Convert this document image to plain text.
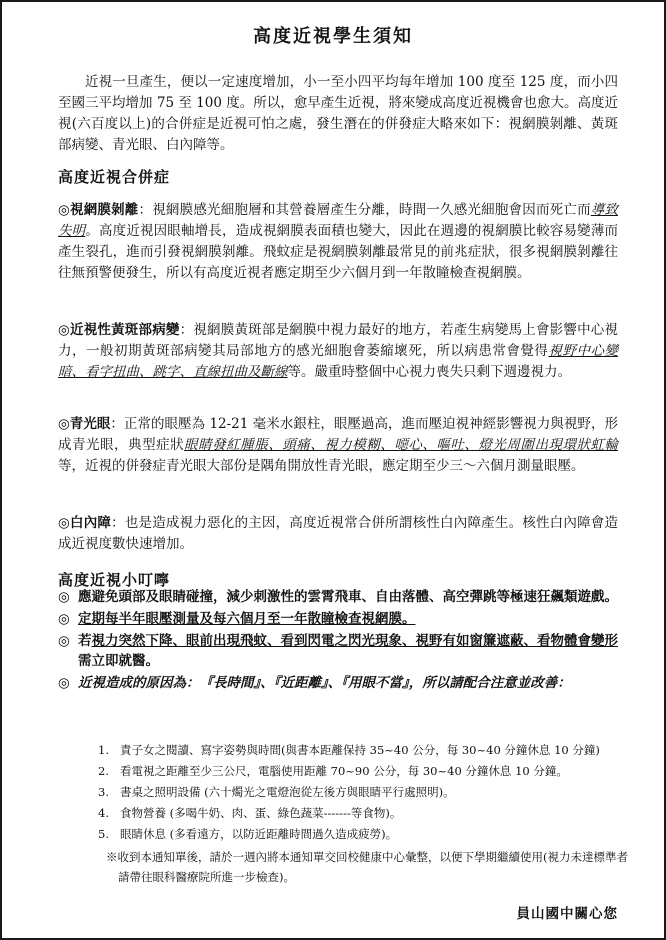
高度近視學生須知

近視一旦產生，便以一定速度增加，小一至小四平均每年增加 100 度至 125 度，而小四至國三平均增加 75 至 100 度。所以，愈早產生近視，將來變成高度近視機會也愈大。高度近視(六百度以上)的合併症是近視可怕之處，發生潛在的併發症大略來如下：視網膜剝離、黃斑部病變、青光眼、白內障等。

高度近視合併症

◎視網膜剝離：視網膜感光細胞層和其營養層產生分離，時間一久感光細胞會因而死亡而導致失明。高度近視因眼軸增長，造成視網膜表面積也變大，因此在週邊的視網膜比較容易變薄而產生裂孔，進而引發視網膜剝離。飛蚊症是視網膜剝離最常見的前兆症狀，很多視網膜剝離往往無預警便發生，所以有高度近視者應定期至少六個月到一年散瞳檢查視網膜。

◎近視性黃斑部病變：視網膜黃斑部是網膜中視力最好的地方，若產生病變馬上會影響中心視力，一般初期黃斑部病變其局部地方的感光細胞會萎縮壞死，所以病患常會覺得視野中心變暗、看字扭曲、跳字、直線扭曲及斷線等。嚴重時整個中心視力喪失只剩下週邊視力。

◎青光眼：正常的眼壓為 12-21 毫米水銀柱，眼壓過高，進而壓迫視神經影響視力與視野，形成青光眼，典型症狀眼睛發紅腫脹、頭痛、視力模糊、噁心、嘔吐、燈光周圍出現環狀虹輪等，近視的併發症青光眼大部份是隅角開放性青光眼，應定期至少三～六個月測量眼壓。

◎白內障：也是造成視力惡化的主因，高度近視常合併所謂核性白內障產生。核性白內障會造成近視度數快速增加。

高度近視小叮嚀
◎ 應避免頭部及眼睛碰撞，減少刺激性的雲霄飛車、自由落體、高空彈跳等極速狂飆類遊戲。
◎ 定期每半年眼壓測量及每六個月至一年散瞳檢查視網膜。
◎ 若視力突然下降、眼前出現飛蚊、看到閃電之閃光現象、視野有如窗簾遮蔽、看物體會變形需立即就醫。
◎ 近視造成的原因為：『長時間』、『近距離』、『用眼不當』，所以請配合注意並改善：
1. 責子女之閱讀、寫字姿勢與時間(與書本距離保持 35~40 公分，每 30~40 分鐘休息 10 分鐘)
2. 看電視之距離至少三公尺，電腦使用距離 70~90 公分，每 30~40 分鐘休息 10 分鐘。
3. 書桌之照明設備 (六十燭光之電燈泡從左後方與眼睛平行處照明)。
4. 食物營養 (多喝牛奶、肉、蛋、綠色蔬菜-------等食物)。
5. 眼睛休息 (多看遠方，以防近距離時間過久造成疲勞)。

※收到本通知單後，請於一週內將本通知單交回校健康中心彙整，以便下學期繼續使用(視力未達標準者請帶往眼科醫療院所進一步檢查)。

員山國中關心您
